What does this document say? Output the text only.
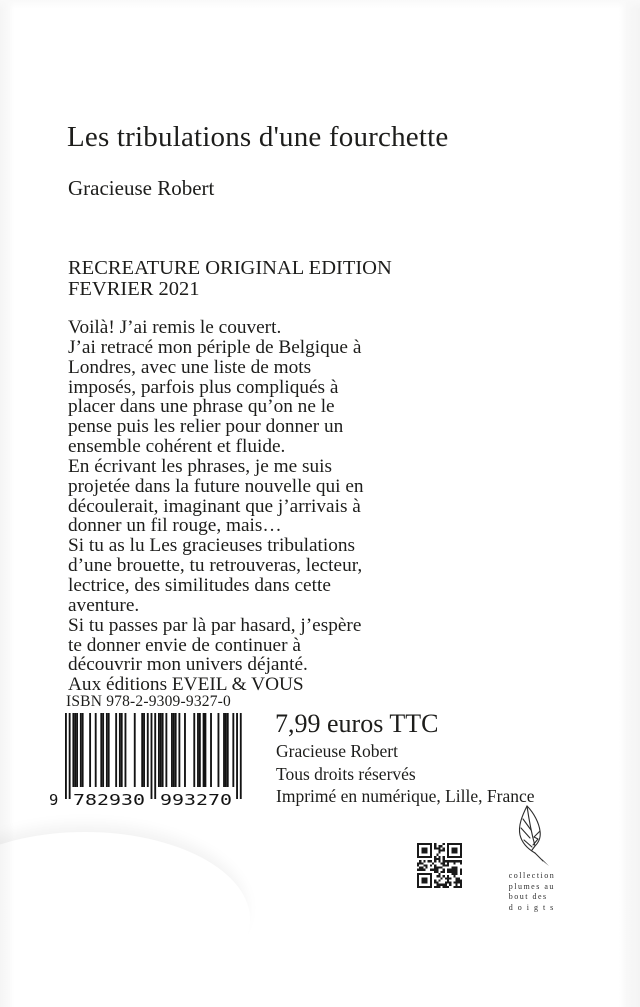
Les tribulations d'une fourchette
Gracieuse Robert
RECREATURE ORIGINAL EDITION
FEVRIER 2021
Voilà! J’ai remis le couvert.
J’ai retracé mon périple de Belgique à
Londres, avec une liste de mots
imposés, parfois plus compliqués à
placer dans une phrase qu’on ne le
pense puis les relier pour donner un
ensemble cohérent et fluide.
En écrivant les phrases, je me suis
projetée dans la future nouvelle qui en
découlerait, imaginant que j’arrivais à
donner un fil rouge, mais…
Si tu as lu Les gracieuses tribulations
d’une brouette, tu retrouveras, lecteur,
lectrice, des similitudes dans cette
aventure.
Si tu passes par là par hasard, j’espère
te donner envie de continuer à
découvrir mon univers déjanté.
Aux éditions EVEIL & VOUS
ISBN 978-2-9309-9327-0
9 782930 993270
7,99 euros TTC
Gracieuse Robert
Tous droits réservés
Imprimé en numérique, Lille, France
collection
plumes au
bout des
d o i g t s
